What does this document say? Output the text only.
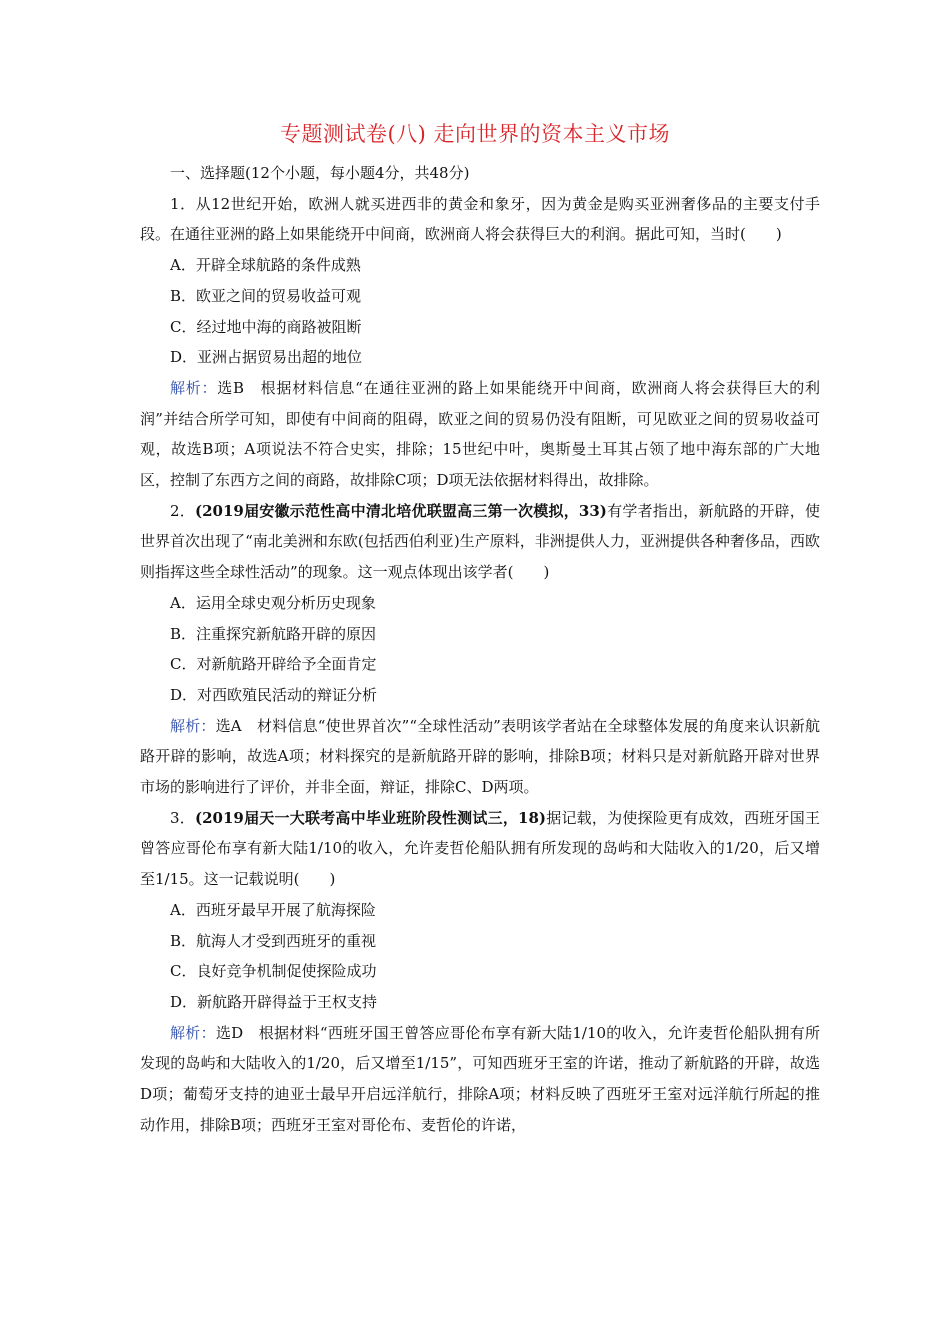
专题测试卷(八) 走向世界的资本主义市场

一、选择题(12个小题，每小题4分，共48分)

1．从12世纪开始，欧洲人就买进西非的黄金和象牙，因为黄金是购买亚洲奢侈品的主要支付手段。在通往亚洲的路上如果能绕开中间商，欧洲商人将会获得巨大的利润。据此可知，当时(　　)

A．开辟全球航路的条件成熟

B．欧亚之间的贸易收益可观

C．经过地中海的商路被阻断

D．亚洲占据贸易出超的地位

解析：选B　根据材料信息“在通往亚洲的路上如果能绕开中间商，欧洲商人将会获得巨大的利润”并结合所学可知，即使有中间商的阻碍，欧亚之间的贸易仍没有阻断，可见欧亚之间的贸易收益可观，故选B项；A项说法不符合史实，排除；15世纪中叶，奥斯曼土耳其占领了地中海东部的广大地区，控制了东西方之间的商路，故排除C项；D项无法依据材料得出，故排除。

2．(2019届安徽示范性高中清北培优联盟高三第一次模拟，33)有学者指出，新航路的开辟，使世界首次出现了“南北美洲和东欧(包括西伯利亚)生产原料，非洲提供人力，亚洲提供各种奢侈品，西欧则指挥这些全球性活动”的现象。这一观点体现出该学者(　　)

A．运用全球史观分析历史现象

B．注重探究新航路开辟的原因

C．对新航路开辟给予全面肯定

D．对西欧殖民活动的辩证分析

解析：选A　材料信息“使世界首次”“全球性活动”表明该学者站在全球整体发展的角度来认识新航路开辟的影响，故选A项；材料探究的是新航路开辟的影响，排除B项；材料只是对新航路开辟对世界市场的影响进行了评价，并非全面，辩证，排除C、D两项。

3．(2019届天一大联考高中毕业班阶段性测试三，18)据记载，为使探险更有成效，西班牙国王曾答应哥伦布享有新大陆1/10的收入，允许麦哲伦船队拥有所发现的岛屿和大陆收入的1/20，后又增至1/15。这一记载说明(　　)

A．西班牙最早开展了航海探险

B．航海人才受到西班牙的重视

C．良好竞争机制促使探险成功

D．新航路开辟得益于王权支持

解析：选D　根据材料“西班牙国王曾答应哥伦布享有新大陆1/10的收入，允许麦哲伦船队拥有所发现的岛屿和大陆收入的1/20，后又增至1/15”，可知西班牙王室的许诺，推动了新航路的开辟，故选D项；葡萄牙支持的迪亚士最早开启远洋航行，排除A项；材料反映了西班牙王室对远洋航行所起的推动作用，排除B项；西班牙王室对哥伦布、麦哲伦的许诺，
